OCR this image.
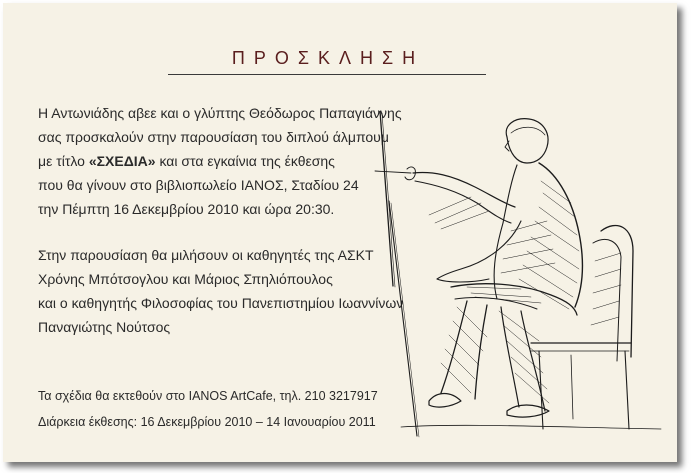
ΠΡΟΣΚΛΗΣΗ
Η Αντωνιάδης αβεε και ο γλύπτης Θεόδωρος Παπαγιάννης
σας προσκαλούν στην παρουσίαση του διπλού άλμπουμ
με τίτλο «ΣΧΕΔΙΑ» και στα εγκαίνια της έκθεσης
που θα γίνουν στο βιβλιοπωλείο ΙΑΝΟΣ, Σταδίου 24
την Πέμπτη 16 Δεκεμβρίου 2010 και ώρα 20:30.
Στην παρουσίαση θα μιλήσουν οι καθηγητές της ΑΣΚΤ
Χρόνης Μπότσογλου και Μάριος Σπηλιόπουλος
και ο καθηγητής Φιλοσοφίας του Πανεπιστημίου Ιωαννίνων
Παναγιώτης Νούτσος
Τα σχέδια θα εκτεθούν στο IANOS ArtCafe, τηλ. 210 3217917
Διάρκεια έκθεσης: 16 Δεκεμβρίου 2010 – 14 Ιανουαρίου 2011
